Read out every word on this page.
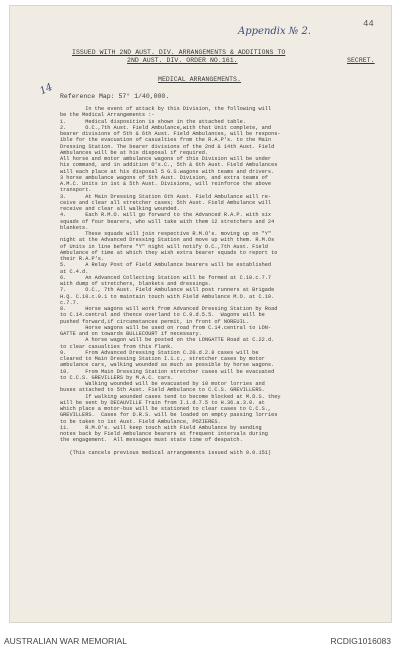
Appendix № 2.
44
14
ISSUED WITH 2ND AUST. DIV. ARRANGEMENTS & ADDITIONS TO
2ND AUST. DIV. ORDER NO.161.	SECRET.
MEDICAL ARRANGEMENTS.
Reference Map: 57° 1/40,000.

In the event of attack by this Division, the following will

be the Medical Arrangements :-

1.      Medical disposition is shown in the attached table.

2.      O.C.,7th Aust. Field Ambulance,with that Unit complete, and

bearer divisions of 5th & 6th Aust. Field Ambulances, will be respons-

ible for the evacuation of casualties from the R.A.P's. to the Main

Dressing Station. The bearer divisions of the 2nd & 14th Aust. Field

Ambulances will be at his disposal if required.

All horse and motor ambulance wagons of this Division will be under

his command, and in addition O's.C., 5th & 6th Aust. Field Ambulances

will each place at his disposal 5 G.S.wagons with teams and drivers.

3 horse ambulance wagons of 5th Aust. Division, and extra teams of

A.M.C. Units in 1st & 5th Aust. Divisions, will reinforce the above

transport.

3.      At Main Dressing Station 6th Aust. Field Ambulance will re-

ceive and clear all stretcher cases; 5th Aust. Field Ambulance will

receive and clear all walking wounded.

4.      Each R.M.O. will go forward to the Advanced R.A.P. with six

squads of four bearers, who will take with them 12 stretchers and 24

blankets.

These squads will join respective R.M.O's. moving up on "Y"

night at the Advanced Dressing Station and move up with them. R.M.Os

of Units in line before "Y" night will notify O.C.,7th Aust. Field

Ambulance of time at which they wish extra bearer squads to report to

their R.A.P's.

5.      A Relay Post of Field Ambulance bearers will be established

at C.4.d.

6.      An Advanced Collecting Station will be formed at C.10.c.7.7

with dump of stretchers, blankets and dressings.

7.      O.C., 7th Aust. Field Ambulance will post runners at Brigade

H.Q. C.10.c.9.1 to maintain touch with Field Ambulance M.O. at C.10.

c.7.7.

8.      Horse wagons will work from Advanced Dressing Station by Road

to C.14.central and thence overland to C.9.d.5.5.  Wagons will be

pushed forward,if circumstances permit, in front of NOREUIL.

Horse wagons will be used on road from C.14.central to LON-

GATTE and on towards BULLECOURT if necessary.

A horse wagon will be posted on the LONGATTE Road at C.22.d.

to clear casualties from this flank.

9.      From Advanced Dressing Station C.20.d.2.8 cases will be

cleared to Main Dressing Station I.1.c., stretcher cases by motor

ambulance cars, walking wounded as much as possible by horse wagons.

10.     From Main Dressing Station stretcher cases will be evacuated

to C.C.S. GREVILLERS by M.A.C. cars.

Walking wounded will be evacuated by 10 motor lorries and

buses attached to 5th Aust. Field Ambulance to C.C.S. GREVILLERS.

If walking wounded cases tend to become blocked at M.D.S. they

will be sent by DECAUVILLE Train from I.1.d.7.5 to H.36.a.3.0. at

which place a motor-bus will be stationed to clear cases to C.C.S.,

GREVILLERS.  Cases for D.R.S. will be loaded on empty passing lorries

to be taken to 1st Aust. Field Ambulance, POZIERES.

11.     R.M.O's. will keep touch with Field Ambulance by sending

notes back by Field Ambulance bearers at frequent intervals during

the engagement.  All messages must state time of despatch.

(This cancels previous medical arrangements issued with 0.0.151)

AUSTRALIAN WAR MEMORIAL	RCDIG1016083
